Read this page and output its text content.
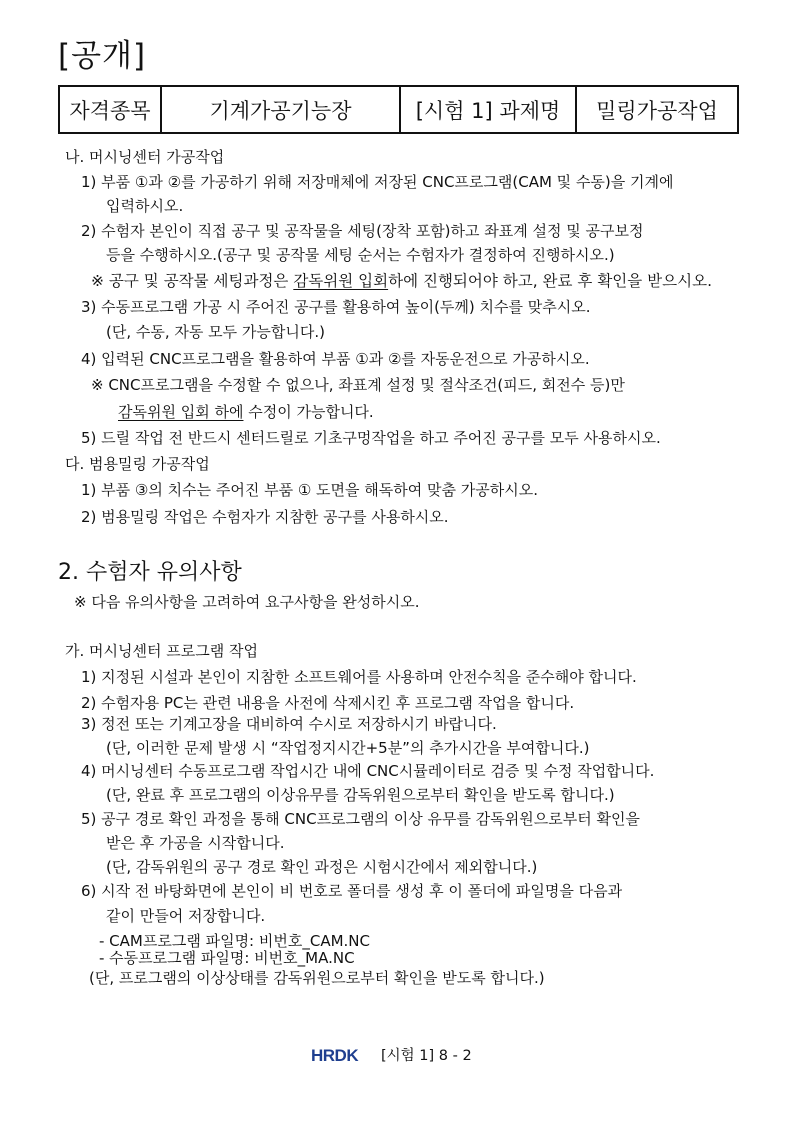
[공개]
자격종목	기계가공기능장	[시험 1] 과제명	밀링가공작업
나. 머시닝센터 가공작업
1) 부품 ①과 ②를 가공하기 위해 저장매체에 저장된 CNC프로그램(CAM 및 수동)을 기계에
입력하시오.
2) 수험자 본인이 직접 공구 및 공작물을 세팅(장착 포함)하고 좌표계 설정 및 공구보정
등을 수행하시오.(공구 및 공작물 세팅 순서는 수험자가 결정하여 진행하시오.)
※ 공구 및 공작물 세팅과정은 감독위원 입회하에 진행되어야 하고, 완료 후 확인을 받으시오.
3) 수동프로그램 가공 시 주어진 공구를 활용하여 높이(두께) 치수를 맞추시오.
(단, 수동, 자동 모두 가능합니다.)
4) 입력된 CNC프로그램을 활용하여 부품 ①과 ②를 자동운전으로 가공하시오.
※ CNC프로그램을 수정할 수 없으나, 좌표계 설정 및 절삭조건(피드, 회전수 등)만
감독위원 입회 하에 수정이 가능합니다.
5) 드릴 작업 전 반드시 센터드릴로 기초구멍작업을 하고 주어진 공구를 모두 사용하시오.
다. 범용밀링 가공작업
1) 부품 ③의 치수는 주어진 부품 ① 도면을 해독하여 맞춤 가공하시오.
2) 범용밀링 작업은 수험자가 지참한 공구를 사용하시오.
2. 수험자 유의사항
※ 다음 유의사항을 고려하여 요구사항을 완성하시오.
가. 머시닝센터 프로그램 작업
1) 지정된 시설과 본인이 지참한 소프트웨어를 사용하며 안전수칙을 준수해야 합니다.
2) 수험자용 PC는 관련 내용을 사전에 삭제시킨 후 프로그램 작업을 합니다.
3) 정전 또는 기계고장을 대비하여 수시로 저장하시기 바랍니다.
(단, 이러한 문제 발생 시 “작업정지시간+5분”의 추가시간을 부여합니다.)
4) 머시닝센터 수동프로그램 작업시간 내에 CNC시뮬레이터로 검증 및 수정 작업합니다.
(단, 완료 후 프로그램의 이상유무를 감독위원으로부터 확인을 받도록 합니다.)
5) 공구 경로 확인 과정을 통해 CNC프로그램의 이상 유무를 감독위원으로부터 확인을
받은 후 가공을 시작합니다.
(단, 감독위원의 공구 경로 확인 과정은 시험시간에서 제외합니다.)
6) 시작 전 바탕화면에 본인이 비 번호로 폴더를 생성 후 이 폴더에 파일명을 다음과
같이 만들어 저장합니다.
- CAM프로그램 파일명: 비번호_CAM.NC
- 수동프로그램 파일명: 비번호_MA.NC
(단, 프로그램의 이상상태를 감독위원으로부터 확인을 받도록 합니다.)
HRDK [시험 1] 8 - 2
